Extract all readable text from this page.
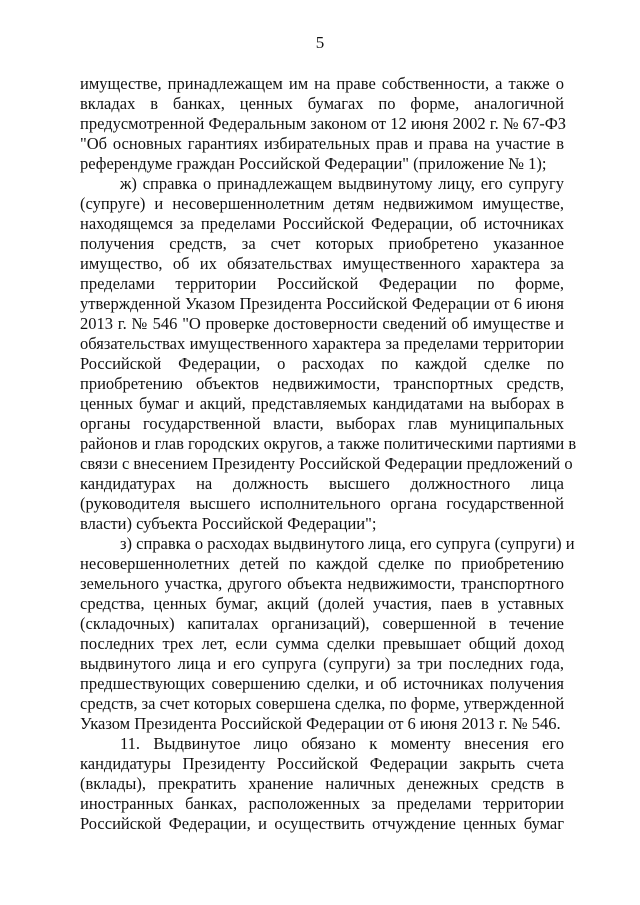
5
имуществе, принадлежащем им на праве собственности, а также о
вкладах в банках, ценных бумагах по форме, аналогичной
предусмотренной Федеральным законом от 12 июня 2002 г. № 67-ФЗ
"Об основных гарантиях избирательных прав и права на участие в
референдуме граждан Российской Федерации" (приложение № 1);
ж) справка о принадлежащем выдвинутому лицу, его супругу
(супруге) и несовершеннолетним детям недвижимом имуществе,
находящемся за пределами Российской Федерации, об источниках
получения средств, за счет которых приобретено указанное
имущество, об их обязательствах имущественного характера за
пределами территории Российской Федерации по форме,
утвержденной Указом Президента Российской Федерации от 6 июня
2013 г. № 546 "О проверке достоверности сведений об имуществе и
обязательствах имущественного характера за пределами территории
Российской Федерации, о расходах по каждой сделке по
приобретению объектов недвижимости, транспортных средств,
ценных бумаг и акций, представляемых кандидатами на выборах в
органы государственной власти, выборах глав муниципальных
районов и глав городских округов, а также политическими партиями в
связи с внесением Президенту Российской Федерации предложений о
кандидатурах на должность высшего должностного лица
(руководителя высшего исполнительного органа государственной
власти) субъекта Российской Федерации";
з) справка о расходах выдвинутого лица, его супруга (супруги) и
несовершеннолетних детей по каждой сделке по приобретению
земельного участка, другого объекта недвижимости, транспортного
средства, ценных бумаг, акций (долей участия, паев в уставных
(складочных) капиталах организаций), совершенной в течение
последних трех лет, если сумма сделки превышает общий доход
выдвинутого лица и его супруга (супруги) за три последних года,
предшествующих совершению сделки, и об источниках получения
средств, за счет которых совершена сделка, по форме, утвержденной
Указом Президента Российской Федерации от 6 июня 2013 г. № 546.
11. Выдвинутое лицо обязано к моменту внесения его
кандидатуры Президенту Российской Федерации закрыть счета
(вклады), прекратить хранение наличных денежных средств в
иностранных банках, расположенных за пределами территории
Российской Федерации, и осуществить отчуждение ценных бумаг
